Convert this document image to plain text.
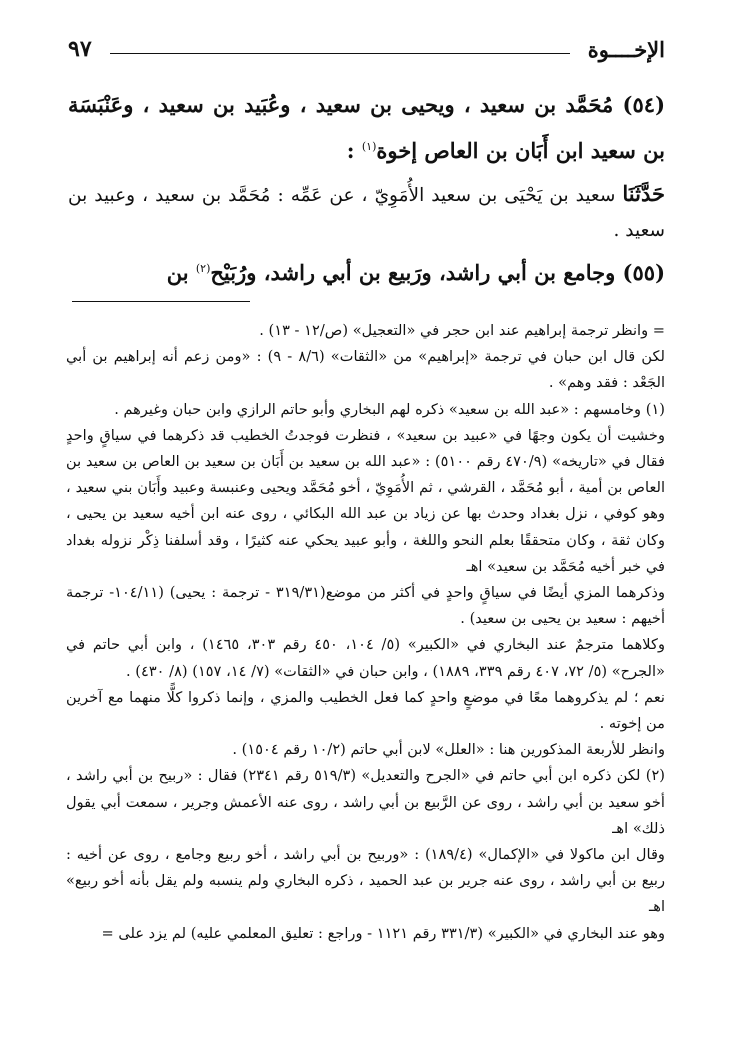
الإخــــوة
٩٧

(٥٤) مُحَمَّد بن سعيد ، ويحيى بن سعيد ، وعُبَيد بن سعيد ، وعَنْبَسَة بن سعيد ابن أَبَان بن العاص إخوة$^{(١)}$ :

حَدَّثَنَا سعيد بن يَحْيَى بن سعيد الأُمَوِيّ ، عن عَمِّه : مُحَمَّد بن سعيد ، وعبيد بن سعيد .

(٥٥) وجامع بن أبي راشد، ورَبيع بن أبي راشد، ورُبَيْح$^{(٢)}$ بن

= وانظر ترجمة إبراهيم عند ابن حجر في «التعجيل» (ص/١٢ - ١٣) .

لكن قال ابن حبان في ترجمة «إبراهيم» من «الثقات» (٨/٦ - ٩) : «ومن زعم أنه إبراهيم بن أبي الجَعْد : فقد وهم» .

(١) وخامسهم : «عبد الله بن سعيد» ذكره لهم البخاري وأبو حاتم الرازي وابن حبان وغيرهم .

وخشيت أن يكون وجهًا في «عبيد بن سعيد» ، فنظرت فوجدتُ الخطيب قد ذكرهما في سياقٍ واحدٍ فقال في «تاريخه» (٤٧٠/٩ رقم ٥١٠٠) : «عبد الله بن سعيد بن أَبَان بن سعيد بن العاص بن سعيد بن العاص بن أمية ، أبو مُحَمَّد ، القرشي ، ثم الأُمَوِيّ ، أخو مُحَمَّد ويحيى وعنبسة وعبيد وأَبَان بني سعيد ، وهو كوفي ، نزل بغداد وحدث بها عن زياد بن عبد الله البكائي ، روى عنه ابن أخيه سعيد بن يحيى ، وكان ثقة ، وكان متحققًا بعلم النحو واللغة ، وأبو عبيد يحكي عنه كثيرًا ، وقد أسلفنا ذِكْر نزوله بغداد في خبر أخيه مُحَمَّد بن سعيد» اهـ

وذكرهما المزي أيضًا في سياقٍ واحدٍ في أكثر من موضع(٣١٩/٣١ - ترجمة : يحيى) (١٠٤/١١- ترجمة أخيهم : سعيد بن يحيى بن سعيد) .

وكلاهما مترجمٌ عند البخاري في «الكبير» (٥/ ١٠٤، ٤٥٠ رقم ٣٠٣، ١٤٦٥) ، وابن أبي حاتم في «الجرح» (٥/ ٧٢، ٤٠٧ رقم ٣٣٩، ١٨٨٩) ، وابن حبان في «الثقات» (٧/ ١٤، ١٥٧) (٨/ ٤٣٠) .

نعم ؛ لم يذكروهما معًا في موضعٍ واحدٍ كما فعل الخطيب والمزي ، وإنما ذكروا كلًّا منهما مع آخرين من إخوته .

وانظر للأربعة المذكورين هنا : «العلل» لابن أبي حاتم (١٠/٢ رقم ١٥٠٤) .

(٢) لكن ذكره ابن أبي حاتم في «الجرح والتعديل» (٥١٩/٣ رقم ٢٣٤١) فقال : «ربيح بن أبي راشد ، أخو سعيد بن أبي راشد ، روى عن الرَّبيع بن أبي راشد ، روى عنه الأعمش وجرير ، سمعت أبي يقول ذلك» اهـ

وقال ابن ماكولا في «الإكمال» (١٨٩/٤) : «وربيح بن أبي راشد ، أخو ربيع وجامع ، روى عن أخيه : ربيع بن أبي راشد ، روى عنه جرير بن عبد الحميد ، ذكره البخاري ولم ينسبه ولم يقل بأنه أخو ربيع» اهـ

وهو عند البخاري في «الكبير» (٣٣١/٣ رقم ١١٢١ - وراجع : تعليق المعلمي عليه) لم يزد على =
